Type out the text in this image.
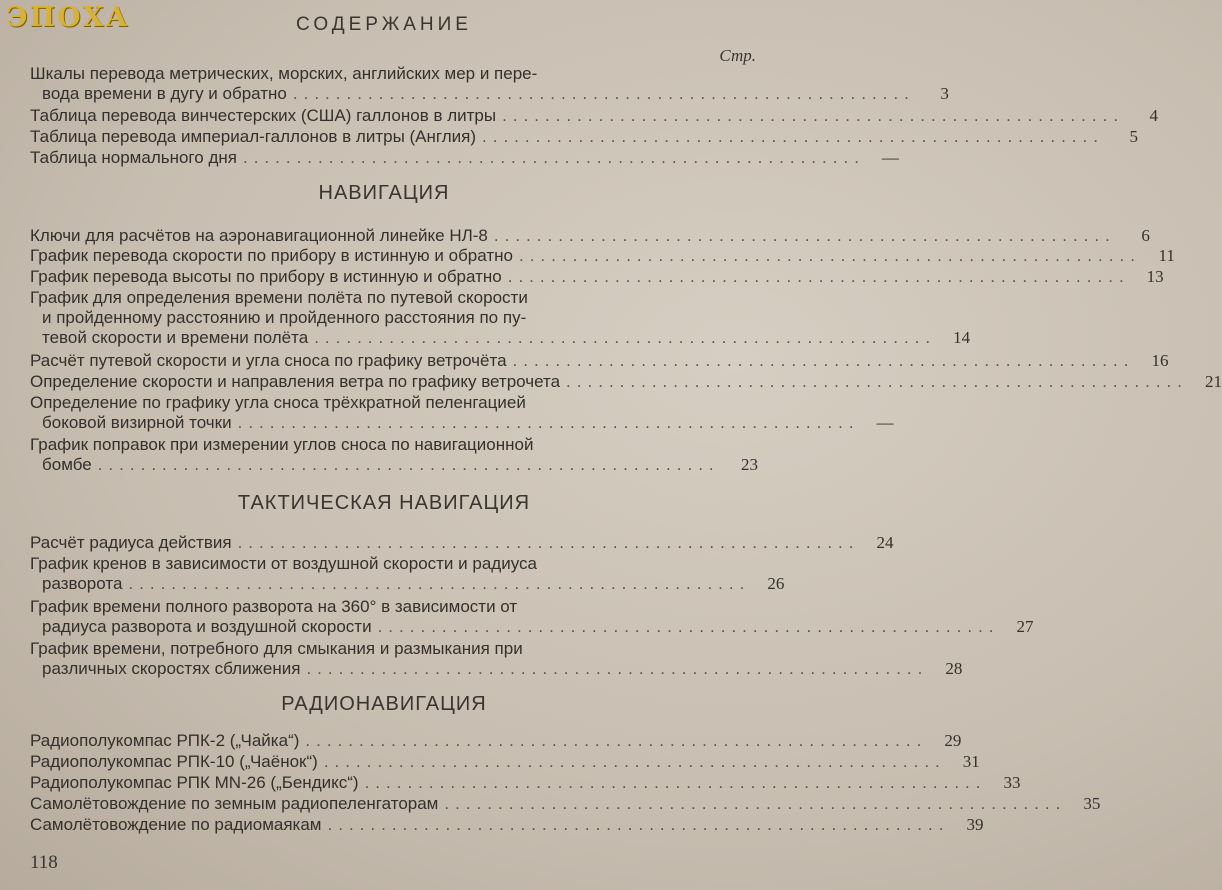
ЭПОХА	СОДЕРЖАНИЕ
Стр.
Шкалы перевода метрических, морских, английских мер и пере-
вода времени в дугу и обратно ..........................................................	3
Таблица перевода винчестерских (США) галлонов в литры ..........................................................	4
Таблица перевода империал-галлонов в литры (Англия) ..........................................................	5
Таблица нормального дня ..........................................................	—
НАВИГАЦИЯ
Ключи для расчётов на аэронавигационной линейке НЛ-8 ..........................................................	6
График перевода скорости по прибору в истинную и обратно ..........................................................	11
График перевода высоты по прибору в истинную и обратно ..........................................................	13
График для определения времени полёта по путевой скорости
и пройденному расстоянию и пройденного расстояния по пу-
тевой скорости и времени полёта ..........................................................	14
Расчёт путевой скорости и угла сноса по графику ветрочёта ..........................................................	16
Определение скорости и направления ветра по графику ветрочета ..........................................................	21
Определение по графику угла сноса трёхкратной пеленгацией
боковой визирной точки ..........................................................	—
График поправок при измерении углов сноса по навигационной
бомбе ..........................................................	23
ТАКТИЧЕСКАЯ НАВИГАЦИЯ
Расчёт радиуса действия ..........................................................	24
График кренов в зависимости от воздушной скорости и радиуса
разворота ..........................................................	26
График времени полного разворота на 360° в зависимости от
радиуса разворота и воздушной скорости ..........................................................	27
График времени, потребного для смыкания и размыкания при
различных скоростях сближения ..........................................................	28
РАДИОНАВИГАЦИЯ
Радиополукомпас РПК-2 („Чайка“) ..........................................................	29
Радиополукомпас РПК-10 („Чаёнок“) ..........................................................	31
Радиополукомпас РПК MN-26 („Бендикс“) ..........................................................	33
Самолётовождение по земным радиопеленгаторам ..........................................................	35
Самолётовождение по радиомаякам ..........................................................	39
118
